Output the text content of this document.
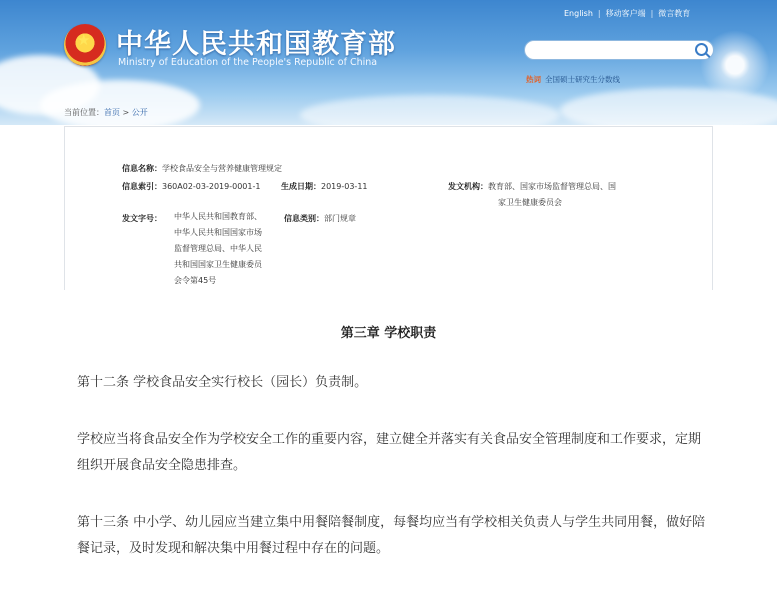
★ 中华人民共和国教育部
Ministry of Education of the People's Republic of China
English | 移动客户端 | 微言教育
热词 全国硕士研究生分数线
当前位置：首页 > 公开
信息名称：学校食品安全与营养健康管理规定
信息索引：360A02-03-2019-0001-1	生成日期：2019-03-11	发文机构：教育部、国家市场监督管理总局、国
家卫生健康委员会
发文字号： 中华人民共和国教育部、
中华人民共和国国家市场
监督管理总局、中华人民
共和国国家卫生健康委员
会令第45号
信息类别：部门规章
第三章 学校职责
第十二条 学校食品安全实行校长（园长）负责制。
学校应当将食品安全作为学校安全工作的重要内容，建立健全并落实有关食品安全管理制度和工作要求，定期
组织开展食品安全隐患排查。
第十三条 中小学、幼儿园应当建立集中用餐陪餐制度，每餐均应当有学校相关负责人与学生共同用餐，做好陪
餐记录，及时发现和解决集中用餐过程中存在的问题。
